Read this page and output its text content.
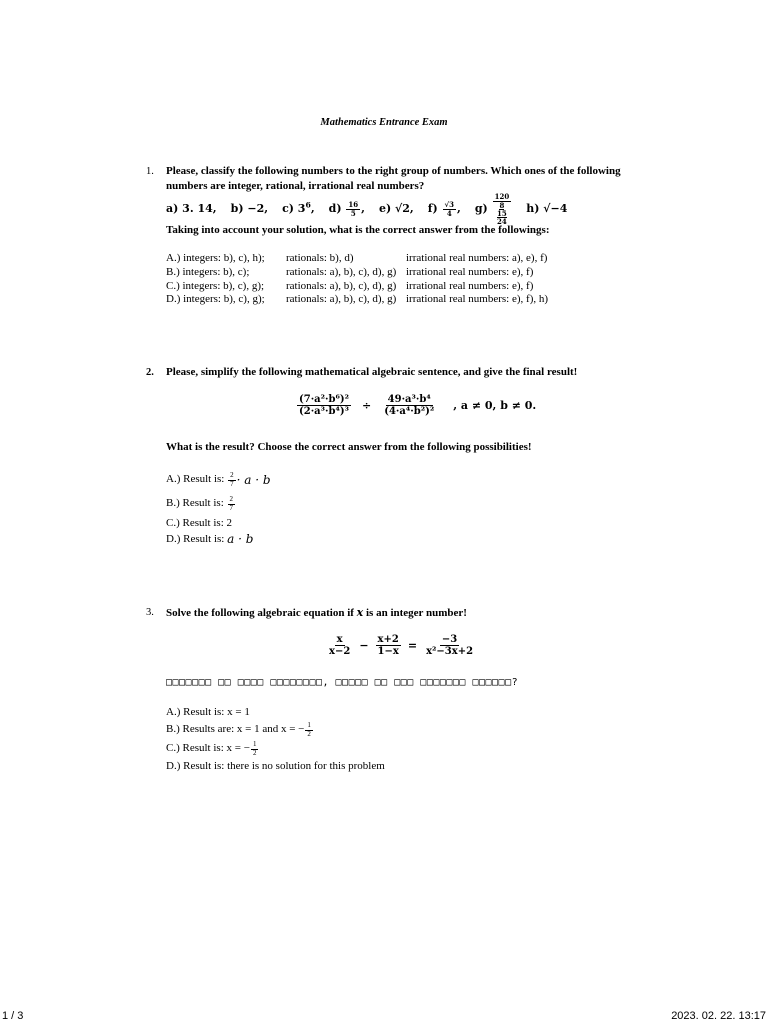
Mathematics Entrance Exam
1. Please, classify the following numbers to the right group of numbers. Which ones of the following
numbers are integer, rational, irrational real numbers?
a) 3. 14, b) −2, c) $3^6$, $d) \frac{16}{5}$ , e) √2, $f) \frac{√3}{4}$ , g) 120
8
15
24 h) √−4
Taking into account your solution, what is the correct answer from the followings:
A.) integers: b), c), h); rationals: b), d)	irrational real numbers: a), e), f)
B.) integers: b), c);	rationals: a), b), c), d), g) irrational real numbers: e), f)
C.) integers: b), c), g); rationals: a), b), c), d), g) irrational real numbers: e), f)
D.) integers: b), c), g); rationals: a), b), c), d), g) irrational real numbers: e), f), h)
2. Please, simplify the following mathematical algebraic sentence, and give the final result!
$\frac{\text{(7·a²·b⁶)²}}{\text{(2·a³·b⁴)³}} \div \frac{\text{49·a³·b⁴}}{\text{(4·a⁴·b²)²}}$ , a ≠ 0, b ≠ 0.
What is the result? Choose the correct answer from the following possibilities!
A.) Result is:
$\frac{2}{7} \cdot a \cdot b$
B.) Result is:
$\frac{2}{7}$
C.) Result is: 2
D.) Result is:
a · b
3. Solve the following algebraic equation if x is an integer number!
$\frac{x}{x-2} - \frac{x+2}{1-x} = \frac{-3}{\text{x²−3x+2}}$
□□□□□□□ □□ □□□□ □□□□□□□□, □□□□□ □□ □□□ □□□□□□□ □□□□□□?
A.) Result is: x = 1
B.) Results are:
x = 1 and x = − $\frac{1}{2}$
C.) Result is:
x = − $\frac{1}{2}$
D.) Result is: there is no solution for this problem
1 / 3	2023. 02. 22. 13:17
